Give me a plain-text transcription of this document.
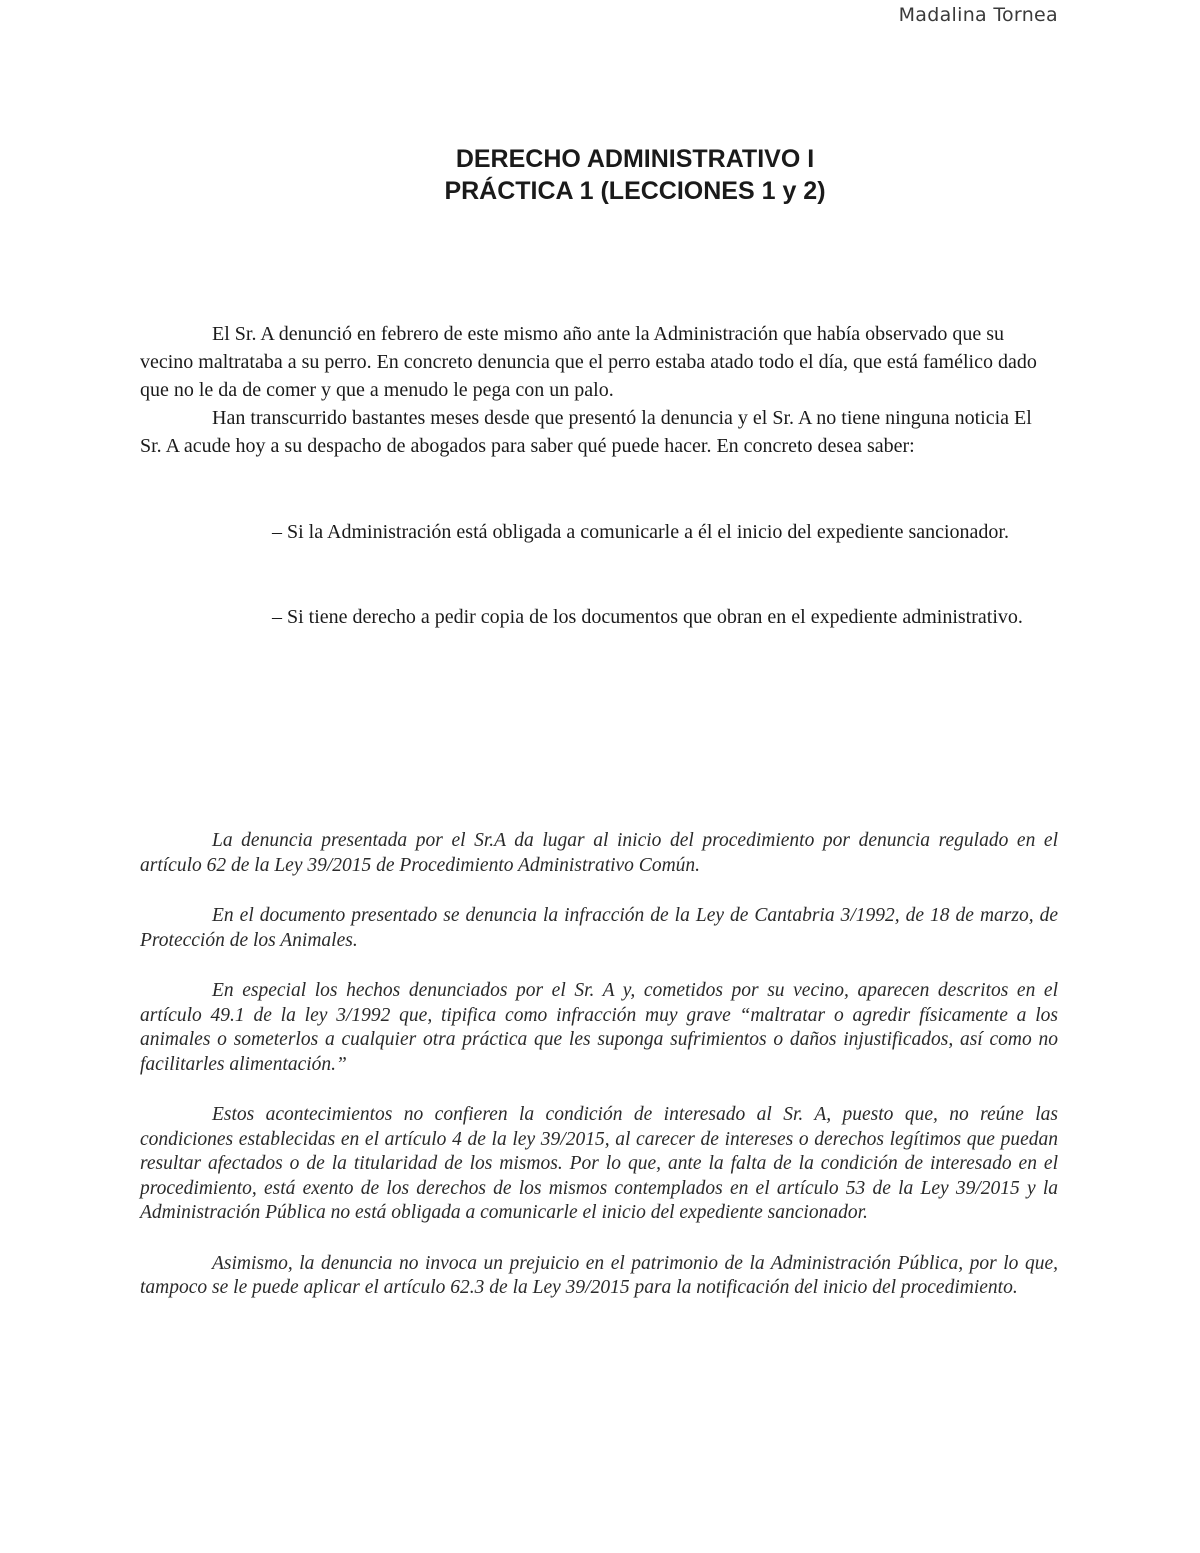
Madalina Tornea
DERECHO ADMINISTRATIVO I
PRÁCTICA 1 (LECCIONES 1 y 2)

El Sr. A denunció en febrero de este mismo año ante la Administración que había observado que su vecino maltrataba a su perro. En concreto denuncia que el perro estaba atado todo el día, que está famélico dado que no le da de comer y que a menudo le pega con un palo.

Han transcurrido bastantes meses desde que presentó la denuncia y el Sr. A no tiene ninguna noticia El Sr. A acude hoy a su despacho de abogados para saber qué puede hacer. En concreto desea saber:

– Si la Administración está obligada a comunicarle a él el inicio del expediente sancionador.

– Si tiene derecho a pedir copia de los documentos que obran en el expediente administrativo.

La denuncia presentada por el Sr.A da lugar al inicio del procedimiento por denuncia regulado en el artículo 62 de la Ley 39/2015 de Procedimiento Administrativo Común.

En el documento presentado se denuncia la infracción de la Ley de Cantabria 3/1992, de 18 de marzo, de Protección de los Animales.

En especial los hechos denunciados por el Sr. A y, cometidos por su vecino, aparecen descritos en el artículo 49.1 de la ley 3/1992 que, tipifica como infracción muy grave “maltratar o agredir físicamente a los animales o someterlos a cualquier otra práctica que les suponga sufrimientos o daños injustificados, así como no facilitarles alimentación.”

Estos acontecimientos no confieren la condición de interesado al Sr. A, puesto que, no reúne las condiciones establecidas en el artículo 4 de la ley 39/2015, al carecer de intereses o derechos legítimos que puedan resultar afectados o de la titularidad de los mismos. Por lo que, ante la falta de la condición de interesado en el procedimiento, está exento de los derechos de los mismos contemplados en el artículo 53 de la Ley 39/2015 y la Administración Pública no está obligada a comunicarle el inicio del expediente sancionador.

Asimismo, la denuncia no invoca un prejuicio en el patrimonio de la Administración Pública, por lo que, tampoco se le puede aplicar el artículo 62.3 de la Ley 39/2015 para la notificación del inicio del procedimiento.
